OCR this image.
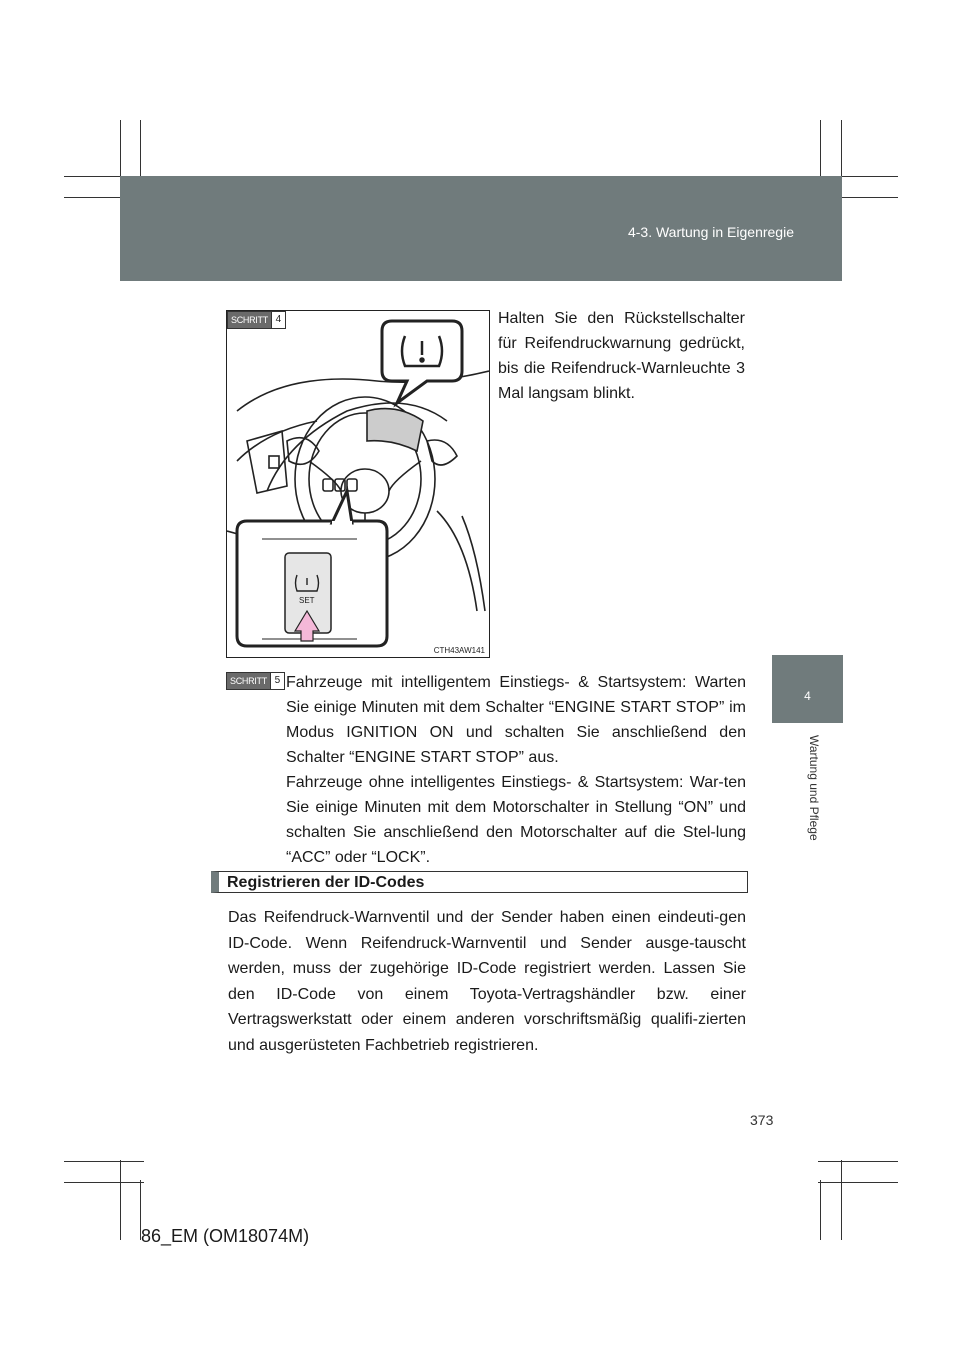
4-3. Wartung in Eigenregie
4
Wartung und Pflege
SCHRITT 4
SET
CTH43AW141
Halten Sie den Rückstellschalter für Reifendruckwarnung gedrückt, bis die Reifendruck-Warnleuchte 3 Mal langsam blinkt.
SCHRITT 5 Fahrzeuge mit intelligentem Einstiegs- & Startsystem: Warten Sie einige Minuten mit dem Schalter “ENGINE START STOP” im Modus IGNITION ON und schalten Sie anschließend den Schalter “ENGINE START STOP” aus.

Fahrzeuge ohne intelligentes Einstiegs- & Startsystem: War-ten Sie einige Minuten mit dem Motorschalter in Stellung “ON” und schalten Sie anschließend den Motorschalter auf die Stel-lung “ACC” oder “LOCK”.

Registrieren der ID-Codes
Das Reifendruck-Warnventil und der Sender haben einen eindeuti-gen ID-Code. Wenn Reifendruck-Warnventil und Sender ausge-tauscht werden, muss der zugehörige ID-Code registriert werden. Lassen Sie den ID-Code von einem Toyota-Vertragshändler bzw. einer Vertragswerkstatt oder einem anderen vorschriftsmäßig qualifi-zierten und ausgerüsteten Fachbetrieb registrieren.
373
86_EM (OM18074M)
